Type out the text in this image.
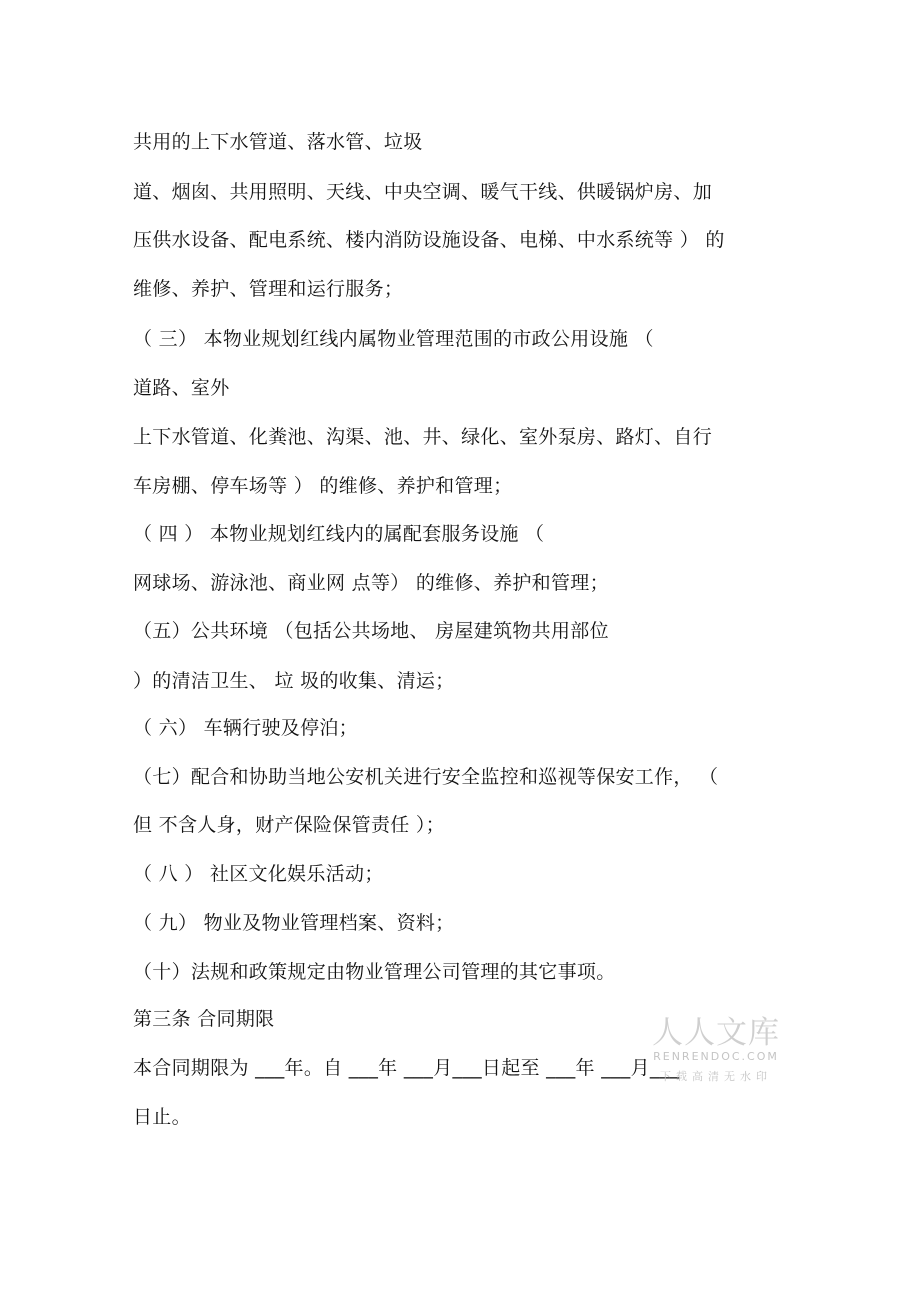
共用的上下水管道、落水管、垃圾
道、烟囱、共用照明、天线、中央空调、暖气干线、供暖锅炉房、加
压供水设备、配电系统、楼内消防设施设备、电梯、中水系统等 ） 的
维修、养护、管理和运行服务；
（ 三） 本物业规划红线内属物业管理范围的市政公用设施 （
道路、室外
上下水管道、化粪池、沟渠、池、井、绿化、室外泵房、路灯、自行
车房棚、停车场等 ） 的维修、养护和管理；
（ 四 ） 本物业规划红线内的属配套服务设施 （
网球场、游泳池、商业网 点等） 的维修、养护和管理；
（五）公共环境 （包括公共场地、 房屋建筑物共用部位
）的清洁卫生、 垃 圾的收集、清运；
（ 六） 车辆行驶及停泊；
（七）配合和协助当地公安机关进行安全监控和巡视等保安工作， （
但 不含人身，财产保险保管责任 ）；
（ 八 ） 社区文化娱乐活动；
（ 九） 物业及物业管理档案、资料；
（十）法规和政策规定由物业管理公司管理的其它事项。
第三条 合同期限
本合同期限为 ___年。自 ___年 ___月___日起至 ___年 ___月___
日止。
人人文库
RENRENDOC.COM
下载高清无水印
